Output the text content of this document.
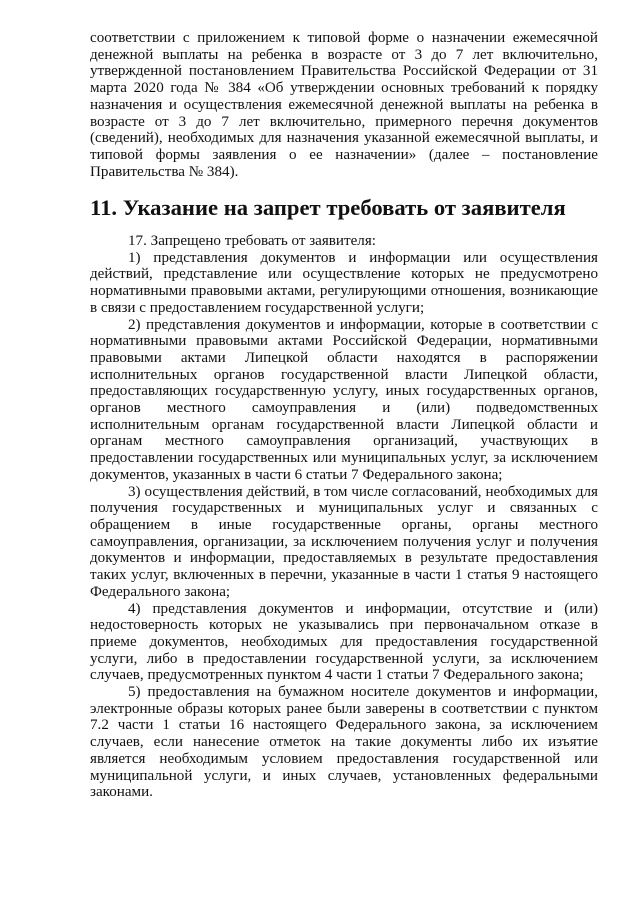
соответствии с приложением к типовой форме о назначении ежемесячной денежной выплаты на ребенка в возрасте от 3 до 7 лет включительно, утвержденной постановлением Правительства Российской Федерации от 31 марта 2020 года № 384 «Об утверждении основных требований к порядку назначения и осуществления ежемесячной денежной выплаты на ребенка в возрасте от 3 до 7 лет включительно, примерного перечня документов (сведений), необходимых для назначения указанной ежемесячной выплаты, и типовой формы заявления о ее назначении» (далее – постановление Правительства № 384).

11. Указание на запрет требовать от заявителя

17. Запрещено требовать от заявителя:

1) представления документов и информации или осуществления действий, представление или осуществление которых не предусмотрено нормативными правовыми актами, регулирующими отношения, возникающие в связи с предоставлением государственной услуги;

2) представления документов и информации, которые в соответствии с нормативными правовыми актами Российской Федерации, нормативными правовыми актами Липецкой области находятся в распоряжении исполнительных органов государственной власти Липецкой области, предоставляющих государственную услугу, иных государственных органов, органов местного самоуправления и (или) подведомственных исполнительным органам государственной власти Липецкой области и органам местного самоуправления организаций, участвующих в предоставлении государственных или муниципальных услуг, за исключением документов, указанных в части 6 статьи 7 Федерального закона;

3) осуществления действий, в том числе согласований, необходимых для получения государственных и муниципальных услуг и связанных с обращением в иные государственные органы, органы местного самоуправления, организации, за исключением получения услуг и получения документов и информации, предоставляемых в результате предоставления таких услуг, включенных в перечни, указанные в части 1 статья 9 настоящего Федерального закона;

4) представления документов и информации, отсутствие и (или) недостоверность которых не указывались при первоначальном отказе в приеме документов, необходимых для предоставления государственной услуги, либо в предоставлении государственной услуги, за исключением случаев, предусмотренных пунктом 4 части 1 статьи 7 Федерального закона;

5) предоставления на бумажном носителе документов и информации, электронные образы которых ранее были заверены в соответствии с пунктом 7.2 части 1 статьи 16 настоящего Федерального закона, за исключением случаев, если нанесение отметок на такие документы либо их изъятие является необходимым условием предоставления государственной или муниципальной услуги, и иных случаев, установленных федеральными законами.
